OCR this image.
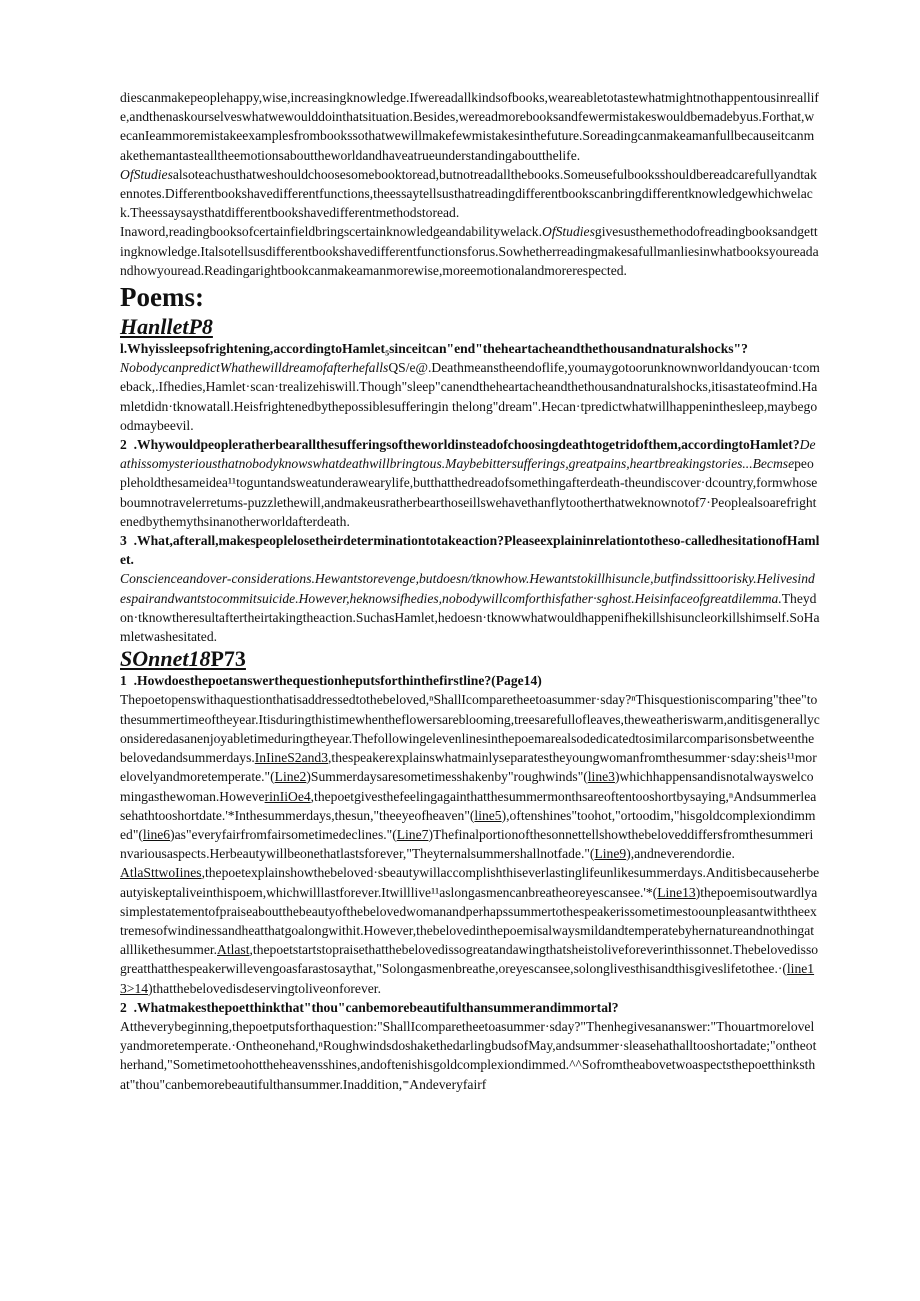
diescanmakepeoplehappy,wise,increasingknowledge.Ifwereadallkindsofbooks,weareabletotastewhatmightnothappentousinreallife,andthenaskourselveswhatwewoulddointhatsituation.Besides,wereadmorebooksandfewermistakeswouldbemadebyus.Forthat,wecanIeammoremistakeexamplesfrombookssothatwewillmakefewmistakesinthefuture.Soreadingcanmakeamanfullbecauseitcanmakethemantastealltheemotionsabouttheworldandhaveatrueunderstandingaboutthelife.

OfStudiesalsoteachusthatweshouldchoosesomebooktoread,butnotreadallthebooks.Someusefulbooksshouldbereadcarefullyandtakennotes.Differentbookshavedifferentfunctions,theessaytellsusthatreadingdifferentbookscanbringdifferentknowledgewhichwelack.Theessaysaysthatdifferentbookshavedifferentmethodstoread.

Inaword,readingbooksofcertainfieldbringscertainknowledgeandabilitywelack.OfStudiesgivesusthemethodofreadingbooksandgettingknowledge.Italsotellsusdifferentbookshavedifferentfunctionsforus.Sowhetherreadingmakesafullmanliesinwhatbooksyoureadandhowyouread.Readingarightbookcanmakeamanmorewise,moreemotionalandmorerespected.

Poems:
HanlletP8

l.Whyissleepsofrightening,accordingtoHamlet₅sinceitcan"end"theheartacheandthethousandnaturalshocks"?

NobodycanpredictWhathewilldreamofafterhefallsQS/e@.Deathmeanstheendoflife,youmaygotoorunknownworldandyoucan·tcomeback,.Ifhedies,Hamlet·scan·trealizehiswill.Though"sleep"canendtheheartacheandthethousandnaturalshocks,itisastateofmind.Hamletdidn·tknowatall.Heisfrightenedbythepossiblesufferingin thelong"dream".Hecan·tpredictwhatwillhappeninthesleep,maybegoodmaybeevil.

2  .Whywouldpeopleratherbearallthesufferingsoftheworldinsteadofchoosingdeathtogetridofthem,accordingtoHamlet?Deathissomysteriousthatnobodyknowswhatdeathwillbringtous.Maybebittersufferings,greatpains,heartbreakingstories...Becmsepeopleholdthesameidea¹¹toguntandsweatunderawearylife,butthatthedreadofsomethingafterdeath-theundiscover·dcountry,formwhoseboumnotravelerretums-puzzlethewill,andmakeusratherbearthoseillswehavethanflytootherthatweknownotof7·Peoplealsoarefrightenedbythemythsinanotherworldafterdeath.

3  .What,afterall,makespeoplelosetheirdeterminationtotakeaction?Pleaseexplaininrelationtotheso-calledhesitationofHamlet.

Conscienceandover-considerations.Hewantstorevenge,butdoesn/tknowhow.Hewantstokillhisuncle,butfindssittoorisky.Helivesindespairandwantstocommitsuicide.However,heknowsifhedies,nobodywillcomforthisfather·sghost.Heisinfaceofgreatdilemma.Theydon·tknowtheresultaftertheirtakingtheaction.SuchasHamlet,hedoesn·tknowwhatwouldhappenifhekillshisuncleorkillshimself.SoHamletwashesitated.

SOnnet18P73

1  .Howdoesthepoetanswerthequestionheputsforthinthefirstline?(Page14)

Thepoetopenswithaquestionthatisaddressedtothebeloved,ⁿShallIcomparetheetoasummer·sday?ⁿThisquestioniscomparing"thee"tothesummertimeoftheyear.Itisduringthistimewhentheflowersareblooming,treesarefullofleaves,theweatheriswarm,anditisgenerallyconsideredasanenjoyabletimeduringtheyear.Thefollowingelevenlinesinthepoemarealsodedicatedtosimilarcomparisonsbetweenthebelovedandsummerdays.InIineS2and3,thespeakerexplainswhatmainlyseparatestheyoungwomanfromthesummer·sday:sheis¹¹morelovelyandmoretemperate."(Line2)Summerdaysaresometimesshakenby"roughwinds"(line3)whichhappensandisnotalwayswelcomingasthewoman.HoweverinIiOe4,thepoetgivesthefeelingagainthatthesummermonthsareoftentooshortbysaying,ⁿAndsummerleasehathtooshortdate.'*Inthesummerdays,thesun,"theeyeofheaven"(line5),oftenshines"toohot,"ortoodim,"hisgoldcomplexiondimmed"(line6)as"everyfairfromfairsometimedeclines."(Line7)Thefinalportionofthesonnettellshowthebeloveddiffersfromthesummerinvariousaspects.Herbeautywillbeonethatlastsforever,"Theyternalsummershallnotfade."(Line9),andneverendordie.

AtlaSttwoIines,thepoetexplainshowthebeloved·sbeautywillaccomplishthiseverlastinglifeunlikesummerdays.Anditisbecauseherbeautyiskeptaliveinthispoem,whichwilllastforever.Itwilllive¹¹aslongasmencanbreatheoreyescansee.'*(Line13)thepoemisoutwardlyasimplestatementofpraiseaboutthebeautyofthebelovedwomanandperhapssummertothespeakerissometimestoounpleasantwiththeextremesofwindinessandheatthatgoalongwithit.However,thebelovedinthepoemisalwaysmildandtemperatebyhernatureandnothingatalllikethesummer.Atlast,thepoetstartstopraisethatthebelovedissogreatandawingthatsheistoliveforeverinthissonnet.Thebelovedissogreatthatthespeakerwillevengoasfarastosaythat,"Solongasmenbreathe,oreyescansee,solonglivesthisandthisgiveslifetothee.·(line13>14)thatthebelovedisdeservingtoliveonforever.

2  .Whatmakesthepoetthinkthat"thou"canbemorebeautifulthansummerandimmortal?

Attheverybeginning,thepoetputsforthaquestion:"ShallIcomparetheetoasummer·sday?"Thenhegivesananswer:"Thouartmorelovelyandmoretemperate.·Ontheonehand,ⁿRoughwindsdoshakethedarlingbudsofMay,andsummer·sleasehathalltooshortadate;"ontheotherhand,"Sometimetoohottheheavensshines,andoftenishisgoldcomplexiondimmed.^^Sofromtheabovetwoaspectsthepoetthinksthat"thou"canbemorebeautifulthansummer.Inaddition,⁼Andeveryfairf
